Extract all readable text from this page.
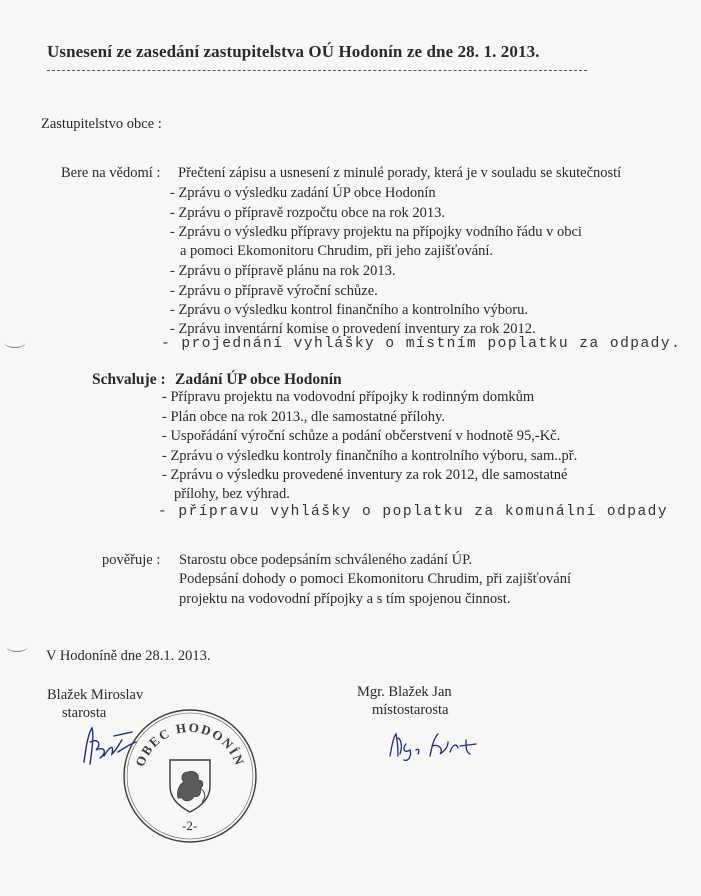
Usnesení ze zasedání zastupitelstva OÚ Hodonín ze dne 28. 1. 2013.
Zastupitelstvo obce :
Bere na vědomí : Přečtení zápisu a usnesení z minulé porady, která je v souladu se skutečností
- Zprávu o výsledku zadání ÚP obce Hodonín
- Zprávu o přípravě rozpočtu obce na rok 2013.
- Zprávu o výsledku přípravy projektu na přípojky vodního řádu v obci
a pomoci Ekomonitoru Chrudim, při jeho zajišťování.
- Zprávu o přípravě plánu na rok 2013.
- Zprávu o přípravě výroční schůze.
- Zprávu o výsledku kontrol finančního a kontrolního výboru.
- Zprávu inventární komise o provedení inventury za rok 2012.
- projednání vyhlášky o místním poplatku za odpady.
Schvaluje : Zadání ÚP obce Hodonín
- Přípravu projektu na vodovodní přípojky k rodinným domkům
- Plán obce na rok 2013., dle samostatné přílohy.
- Uspořádání výroční schůze a podání občerstvení v hodnotě 95,-Kč.
- Zprávu o výsledku kontroly finančního a kontrolního výboru, sam..př.
- Zprávu o výsledku provedené inventury za rok 2012, dle samostatné
přílohy, bez výhrad.
- přípravu vyhlášky o poplatku za komunální odpady
pověřuje : Starostu obce podepsáním schváleného zadání ÚP.
Podepsání dohody o pomoci Ekomonitoru Chrudim, při zajišťování
projektu na vodovodní přípojky a s tím spojenou činnost.
V Hodoníně dne 28.1. 2013.
Blažek Miroslav
starosta
Mgr. Blažek Jan
místostarosta
OBEC HODONÍN
-2-
